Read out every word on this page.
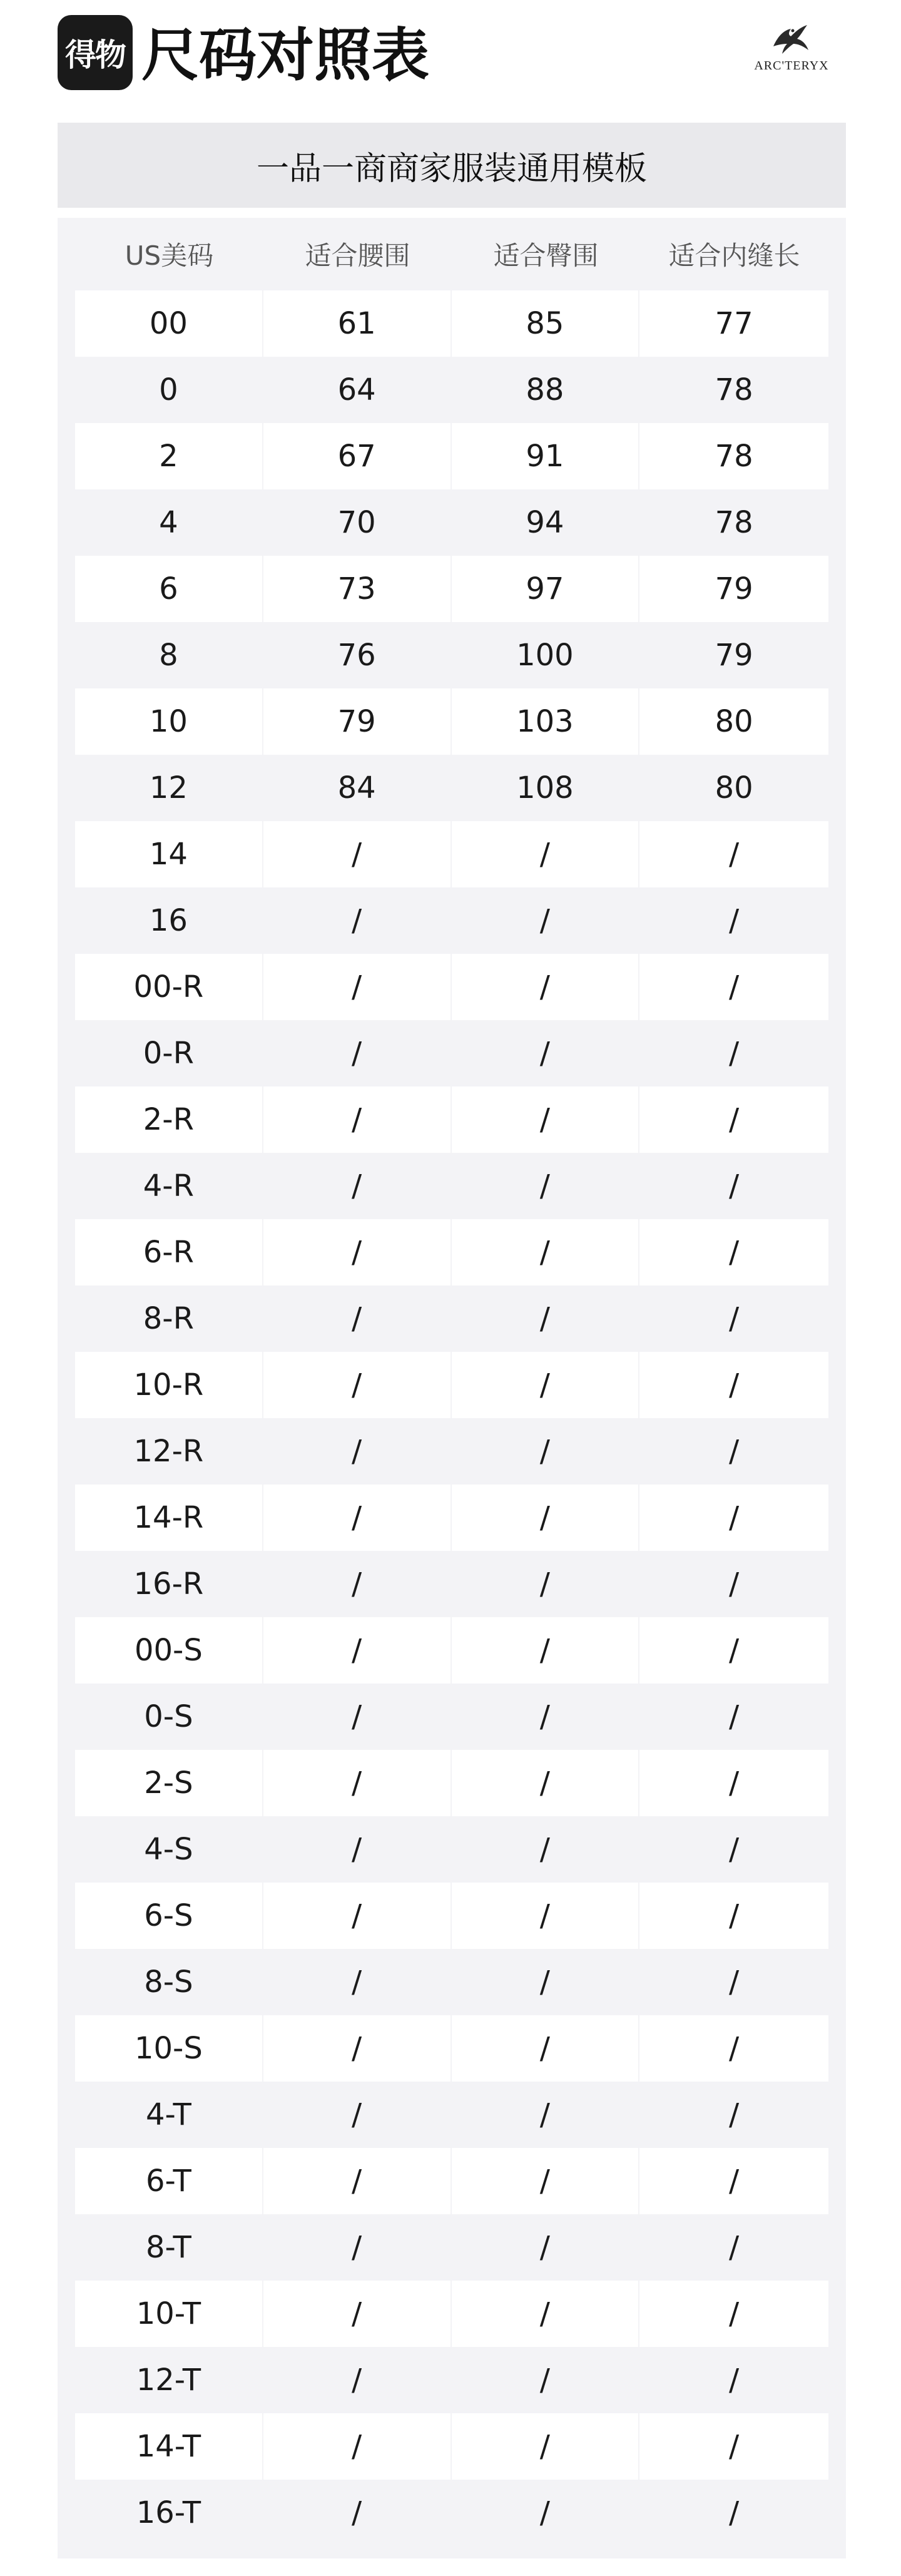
得物 尺码对照表	ARC'TERYX
一品一商商家服装通用模板
US美码	适合腰围	适合臀围	适合内缝长
00	61	85	77
0	64	88	78
2	67	91	78
4	70	94	78
6	73	97	79
8	76	100	79
10	79	103	80
12	84	108	80
14	/	/	/
16	/	/	/
00-R	/	/	/
0-R	/	/	/
2-R	/	/	/
4-R	/	/	/
6-R	/	/	/
8-R	/	/	/
10-R	/	/	/
12-R	/	/	/
14-R	/	/	/
16-R	/	/	/
00-S	/	/	/
0-S	/	/	/
2-S	/	/	/
4-S	/	/	/
6-S	/	/	/
8-S	/	/	/
10-S	/	/	/
4-T	/	/	/
6-T	/	/	/
8-T	/	/	/
10-T	/	/	/
12-T	/	/	/
14-T	/	/	/
16-T	/	/	/
